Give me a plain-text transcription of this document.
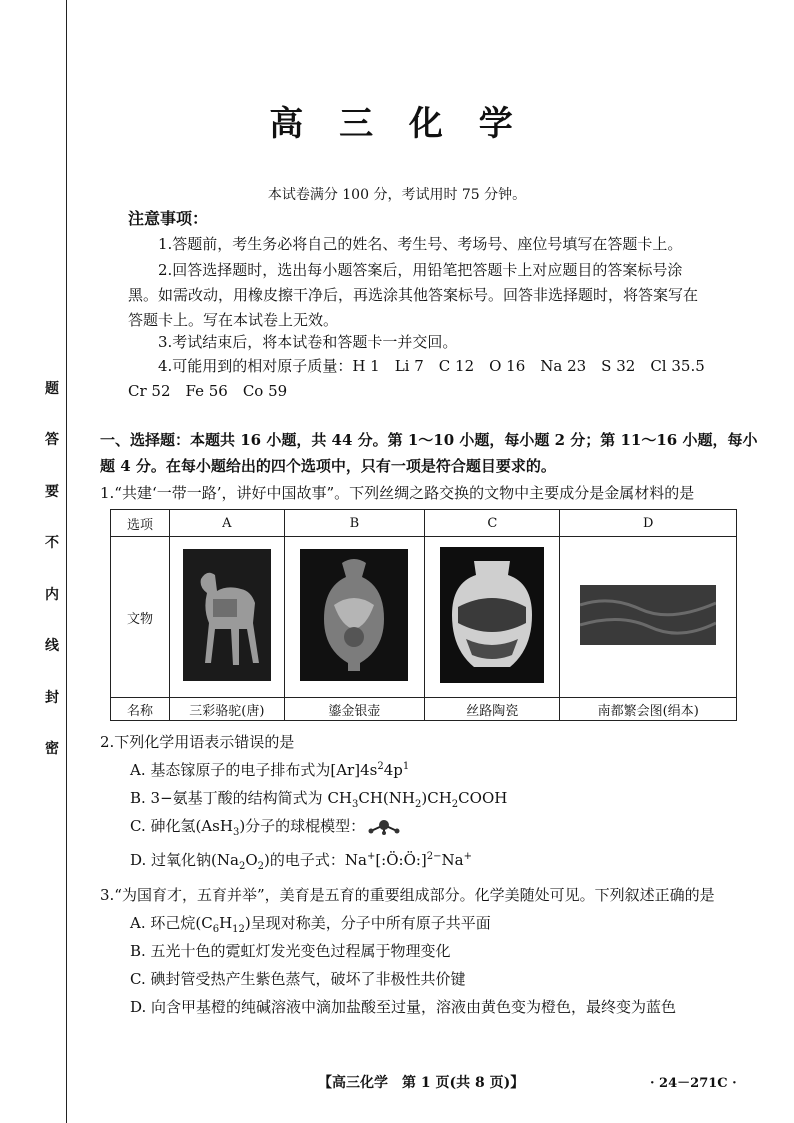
题
答
要
不
内
线
封
密
高 三 化 学
本试卷满分 100 分，考试用时 75 分钟。
注意事项：
1.答题前，考生务必将自己的姓名、考生号、考场号、座位号填写在答题卡上。
2.回答选择题时，选出每小题答案后，用铅笔把答题卡上对应题目的答案标号涂黑。如需改动，用橡皮擦干净后，再选涂其他答案标号。回答非选择题时，将答案写在答题卡上。写在本试卷上无效。
3.考试结束后，将本试卷和答题卡一并交回。
4.可能用到的相对原子质量：H 1　Li 7　C 12　O 16　Na 23　S 32　Cl 35.5　Cr 52　Fe 56　Co 59
一、选择题：本题共 16 小题，共 44 分。第 1～10 小题，每小题 2 分；第 11～16 小题，每小题 4 分。在每小题给出的四个选项中，只有一项是符合题目要求的。
1.“共建‘一带一路’，讲好中国故事”。下列丝绸之路交换的文物中主要成分是金属材料的是
选项	A	B	C	D
文物				
名称	三彩骆驼(唐)	鎏金银壶	丝路陶瓷	南都繁会图(绢本)
2.下列化学用语表示错误的是
A. 基态镓原子的电子排布式为$[Ar]4s^24p^1$
B. 3−氨基丁酸的结构简式为 $CH_3CH(NH_2)CH_2COOH$
C. 砷化氢(AsH$_3$)分子的球棍模型：
D. 过氧化钠$(Na_2O_2)$的电子式：Na+[:Ö:Ö:]$^{2-}$Na+
3.“为国育才，五育并举”，美育是五育的重要组成部分。化学美随处可见。下列叙述正确的是
A. 环己烷$(C_6H_{12})$呈现对称美，分子中所有原子共平面
B. 五光十色的霓虹灯发光变色过程属于物理变化
C. 碘封管受热产生紫色蒸气，破坏了非极性共价键
D. 向含甲基橙的纯碱溶液中滴加盐酸至过量，溶液由黄色变为橙色，最终变为蓝色
【高三化学　第 1 页(共 8 页)】	· 24－271C ·
